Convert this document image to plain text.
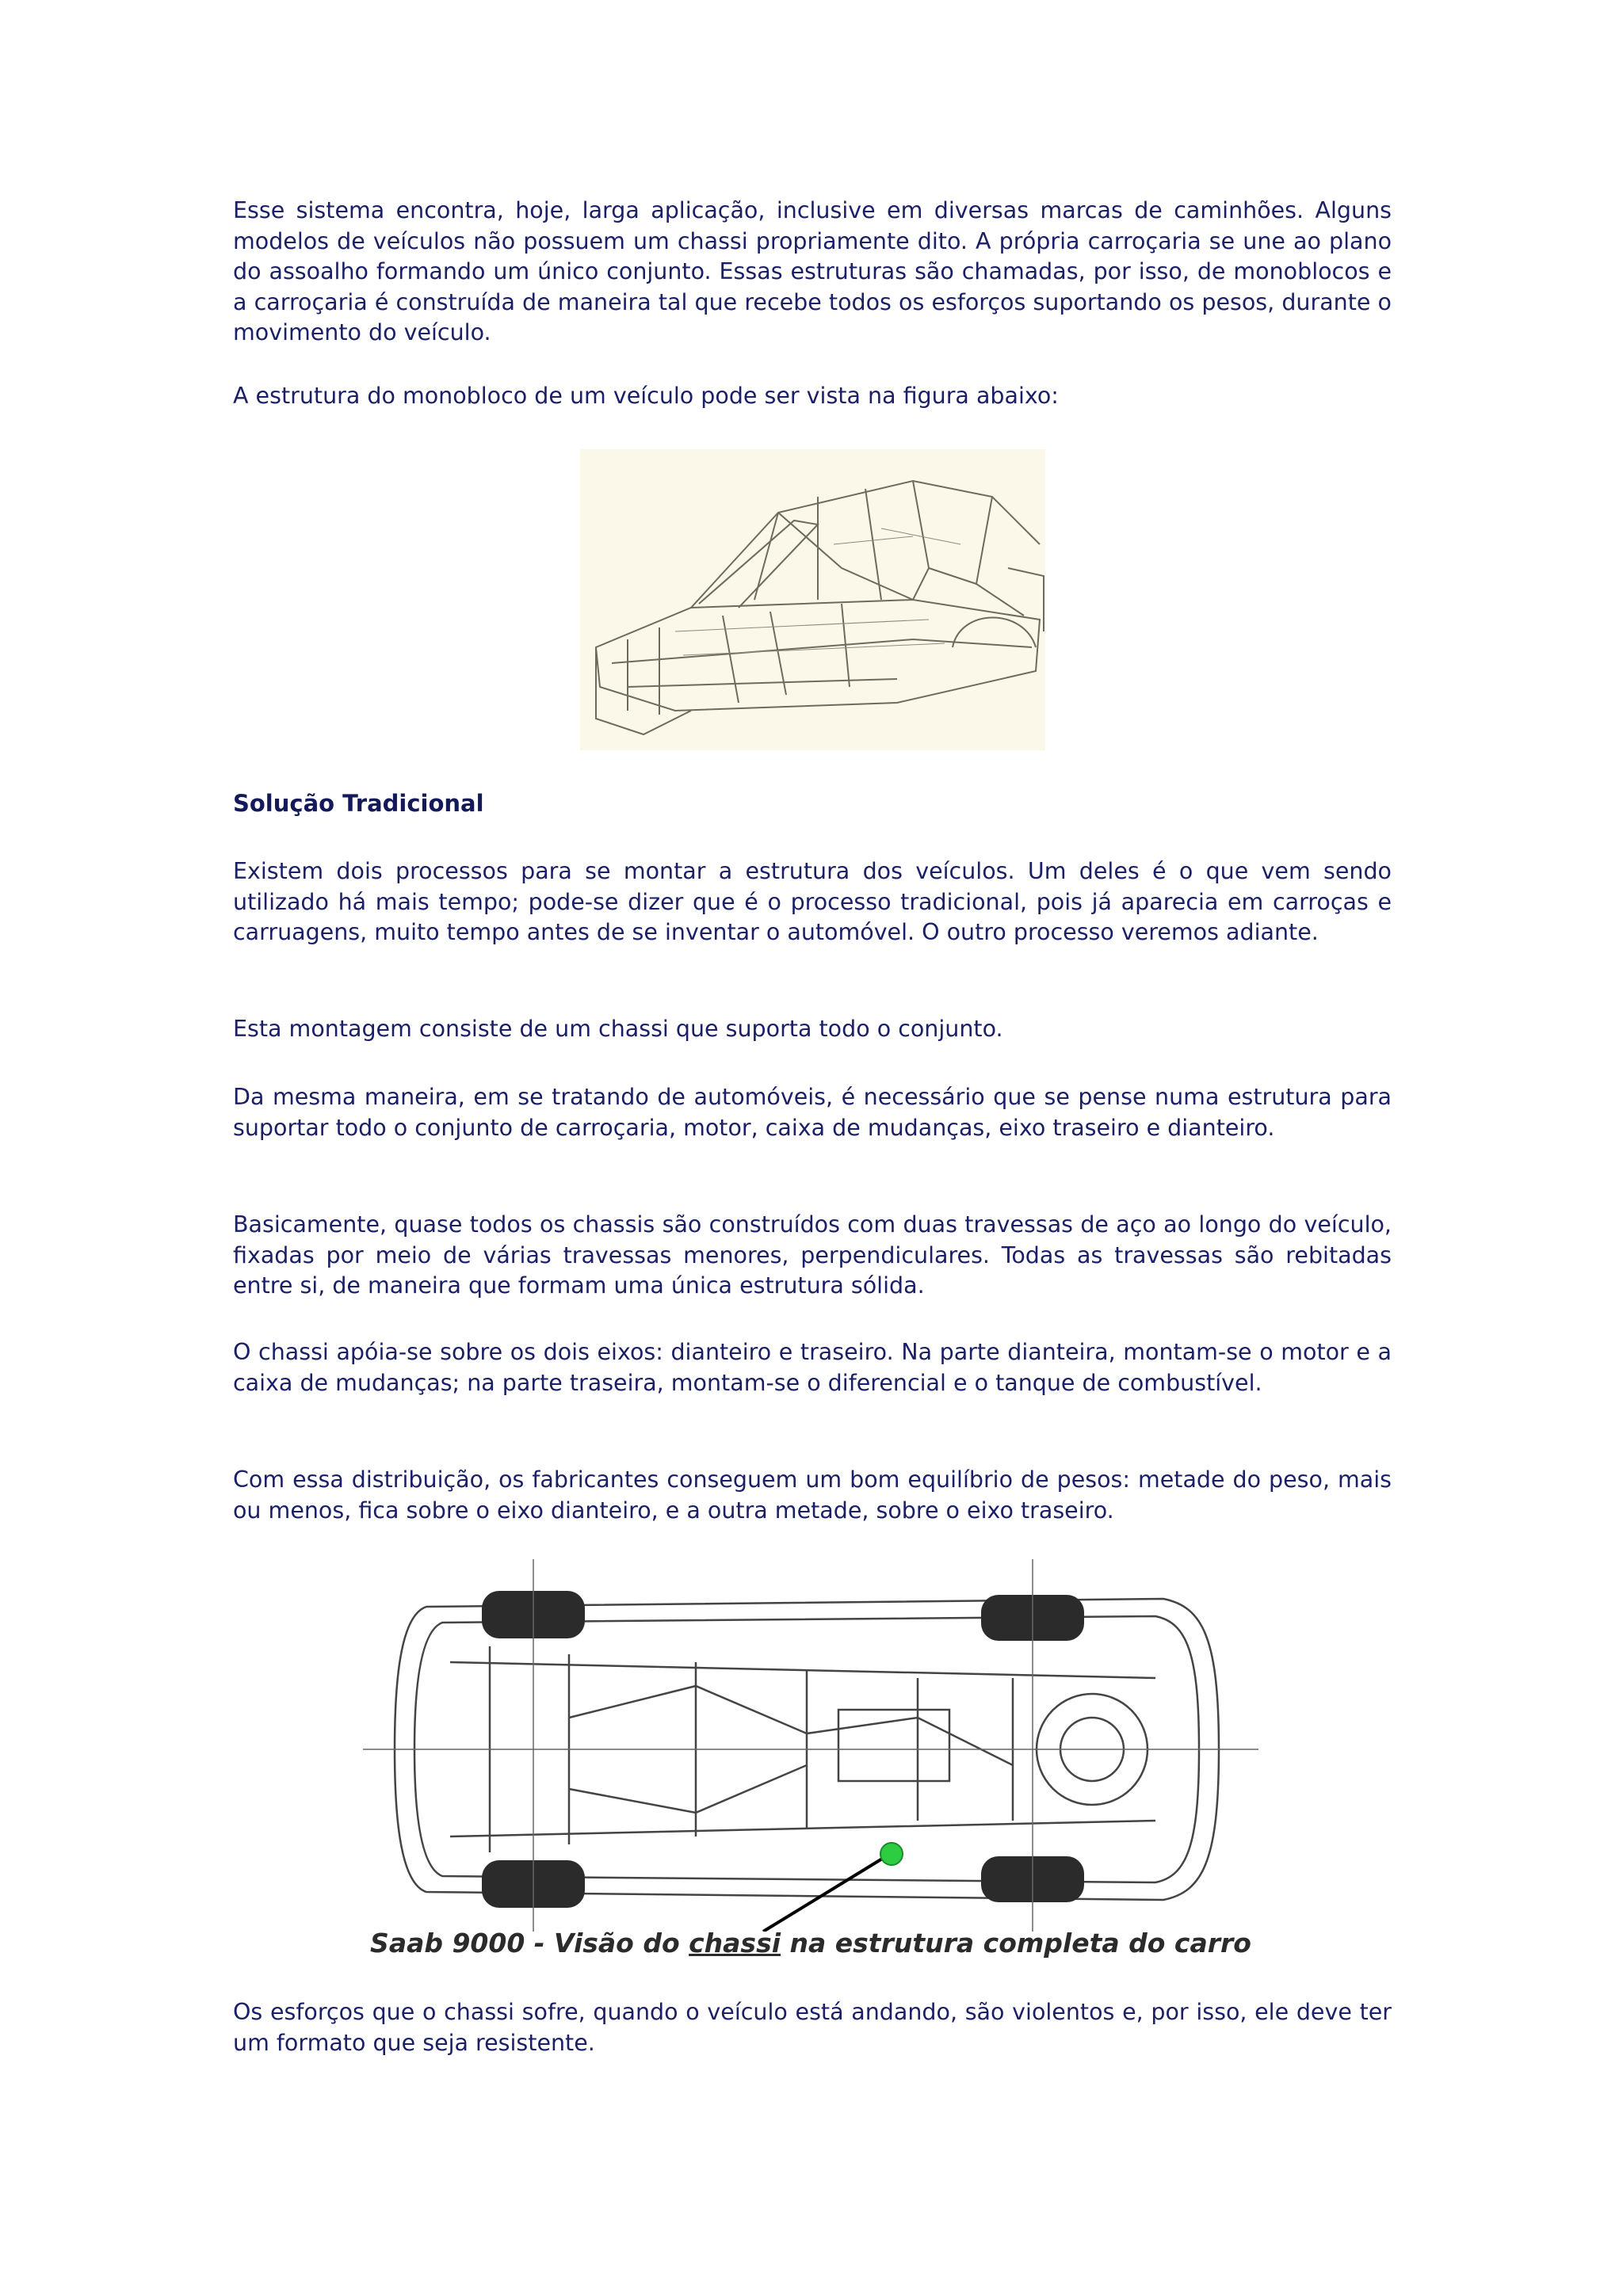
Esse sistema encontra, hoje, larga aplicação, inclusive em diversas marcas de caminhões. Alguns modelos de veículos não possuem um chassi propriamente dito. A própria carroçaria se une ao plano do assoalho formando um único conjunto. Essas estruturas são chamadas, por isso, de monoblocos e a carroçaria é construída de maneira tal que recebe todos os esforços suportando os pesos, durante o movimento do veículo.

A estrutura do monobloco de um veículo pode ser vista na figura abaixo:

Solução Tradicional

Existem dois processos para se montar a estrutura dos veículos. Um deles é o que vem sendo utilizado há mais tempo; pode-se dizer que é o processo tradicional, pois já aparecia em carroças e carruagens, muito tempo antes de se inventar o automóvel. O outro processo veremos adiante.

Esta montagem consiste de um chassi que suporta todo o conjunto.

Da mesma maneira, em se tratando de automóveis, é necessário que se pense numa estrutura para suportar todo o conjunto de carroçaria, motor, caixa de mudanças, eixo traseiro e dianteiro.

Basicamente, quase todos os chassis são construídos com duas travessas de aço ao longo do veículo, fixadas por meio de várias travessas menores, perpendiculares. Todas as travessas são rebitadas entre si, de maneira que formam uma única estrutura sólida.

O chassi apóia-se sobre os dois eixos: dianteiro e traseiro. Na parte dianteira, montam-se o motor e a caixa de mudanças; na parte traseira, montam-se o diferencial e o tanque de combustível.

Com essa distribuição, os fabricantes conseguem um bom equilíbrio de pesos: metade do peso, mais ou menos, fica sobre o eixo dianteiro, e a outra metade, sobre o eixo traseiro.

Saab 9000 - Visão do chassi na estrutura completa do carro

Os esforços que o chassi sofre, quando o veículo está andando, são violentos e, por isso, ele deve ter um formato que seja resistente.
